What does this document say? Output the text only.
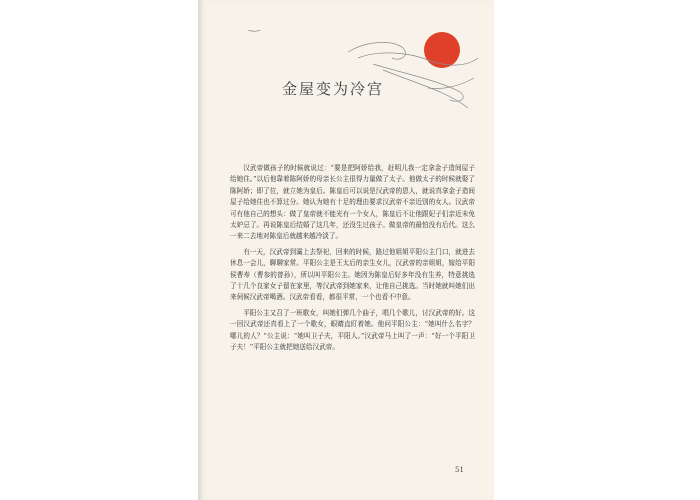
金屋变为冷宫

汉武帝做孩子的时候就说过：“要是把阿娇给我，赶明儿我一定拿金子造间屋子给她住。”以后他靠着陈阿娇的母亲长公主很得力量做了太子。他做太子的时候就娶了陈阿娇；即了位，就立她为皇后。陈皇后可以说是汉武帝的恩人，就说真拿金子造间屋子给她住也不算过分。她认为她有十足的理由要求汉武帝不亲近别的女人。汉武帝可有他自己的想头：做了皇帝就不能光有一个女人，陈皇后不让他跟妃子们亲近未免太妒忌了。再说陈皇后结婚了这几年，还没生过孩子。做皇帝的最怕没有后代。这么一来二去地对陈皇后就越来越冷淡了。

有一天，汉武帝到灞上去祭祀，回来的时候，路过他姐姐平阳公主门口，就进去休息一会儿，聊聊家常。平阳公主是王太后的亲生女儿，汉武帝的亲姐姐，嫁给平阳侯曹寿（曹参的曾孙），所以叫平阳公主。她因为陈皇后好多年没有生养，特意挑选了十几个良家女子留在家里，等汉武帝到她家来，让他自己挑选。当时她就叫她们出来伺候汉武帝喝酒。汉武帝看看，都很平常，一个也看不中意。

平阳公主又召了一班歌女，叫她们弹几个曲子，唱几个歌儿，讨汉武帝的好。这一回汉武帝还真看上了一个歌女，眼睛直盯着她。他问平阳公主：“她叫什么名字？哪儿的人？”公主说：“她叫卫子夫，平阳人。”汉武帝马上叫了一声：“好一个平阳卫子夫！”平阳公主就把她送给汉武帝。

51
